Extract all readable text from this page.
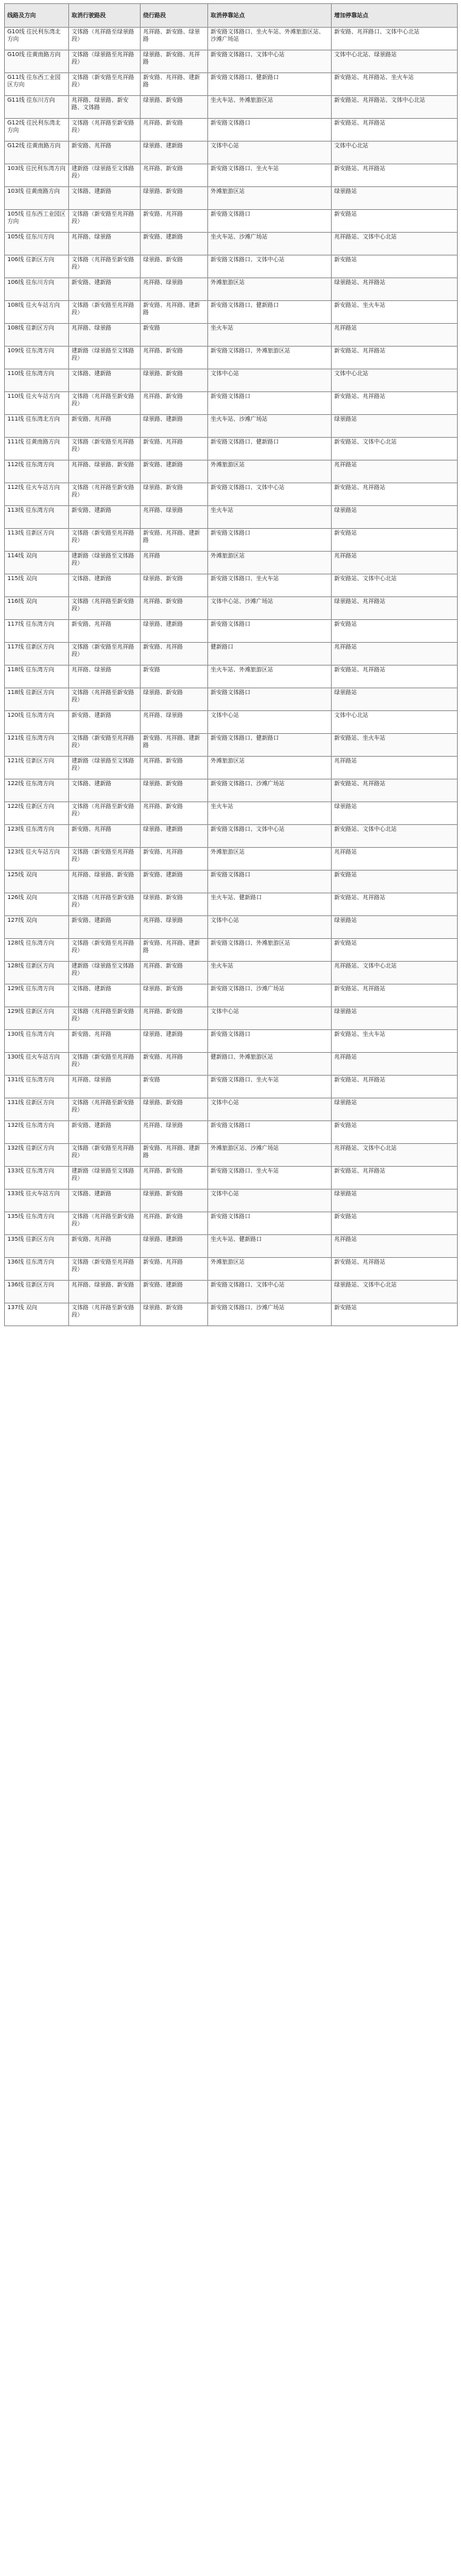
线路及方向	取消行驶路段	绕行路段	取消停靠站点	增加停靠站点
G10线 往民利东湾北方向	文体路（兆祥路至绿景路段）	兆祥路、新安路、绿景路	新安路文体路口、坐火车站、外滩旅游区站、沙滩广场站	新安路、兆祥路口、文体中心北站
G10线 往黄南路方向	文体路（绿景路至兆祥路段）	绿景路、新安路、兆祥路	新安路文体路口、文体中心站	文体中心北站、绿景路站
G11线 往东西工业园区方向	文体路（新安路至兆祥路段）	新安路、兆祥路、建新路	新安路文体路口、健新路口	新安路站、兆祥路站、坐火车站
G11线 往东川方向	兆祥路、绿景路、新安路、文体路	绿景路、新安路	坐火车站、外滩旅游区站	新安路站、兆祥路站、文体中心北站
G12线 往民利东湾北方向	文体路（兆祥路至新安路段）	兆祥路、新安路	新安路文体路口	新安路站、兆祥路站
G12线 往黄南路方向	新安路、兆祥路	绿景路、建新路	文体中心站	文体中心北站
103线 往民利东湾方向	建新路（绿景路至文体路段）	兆祥路、新安路	新安路文体路口、坐火车站	新安路站、兆祥路站
103线 往黄南路方向	文体路、建新路	绿景路、新安路	外滩旅游区站	绿景路站
105线 往东西工业园区方向	文体路（新安路至兆祥路段）	新安路、兆祥路	新安路文体路口	新安路站
105线 往东川方向	兆祥路、绿景路	新安路、建新路	坐火车站、沙滩广场站	兆祥路站、文体中心北站
106线 往新区方向	文体路（兆祥路至新安路段）	绿景路、新安路	新安路文体路口、文体中心站	新安路站
106线 往东川方向	新安路、建新路	兆祥路、绿景路	外滩旅游区站	绿景路站、兆祥路站
108线 往火车站方向	文体路（新安路至兆祥路段）	新安路、兆祥路、建新路	新安路文体路口、健新路口	新安路站、坐火车站
108线 往新区方向	兆祥路、绿景路	新安路	坐火车站	兆祥路站
109线 往东湾方向	建新路（绿景路至文体路段）	兆祥路、新安路	新安路文体路口、外滩旅游区站	新安路站、兆祥路站
110线 往东湾方向	文体路、建新路	绿景路、新安路	文体中心站	文体中心北站
110线 往火车站方向	文体路（兆祥路至新安路段）	兆祥路、新安路	新安路文体路口	新安路站、兆祥路站
111线 往东湾北方向	新安路、兆祥路	绿景路、建新路	坐火车站、沙滩广场站	绿景路站
111线 往黄南路方向	文体路（新安路至兆祥路段）	新安路、兆祥路	新安路文体路口、健新路口	新安路站、文体中心北站
112线 往东湾方向	兆祥路、绿景路、新安路	新安路、建新路	外滩旅游区站	兆祥路站
112线 往火车站方向	文体路（兆祥路至新安路段）	绿景路、新安路	新安路文体路口、文体中心站	新安路站、兆祥路站
113线 往东湾方向	新安路、建新路	兆祥路、绿景路	坐火车站	绿景路站
113线 往新区方向	文体路（新安路至兆祥路段）	新安路、兆祥路、建新路	新安路文体路口	新安路站
114线 双向	建新路（绿景路至文体路段）	兆祥路	外滩旅游区站	兆祥路站
115线 双向	文体路、建新路	绿景路、新安路	新安路文体路口、坐火车站	新安路站、文体中心北站
116线 双向	文体路（兆祥路至新安路段）	兆祥路、新安路	文体中心站、沙滩广场站	绿景路站、兆祥路站
117线 往东湾方向	新安路、兆祥路	绿景路、建新路	新安路文体路口	新安路站
117线 往新区方向	文体路（新安路至兆祥路段）	新安路、兆祥路	健新路口	兆祥路站
118线 往东湾方向	兆祥路、绿景路	新安路	坐火车站、外滩旅游区站	新安路站、兆祥路站
118线 往新区方向	文体路（兆祥路至新安路段）	绿景路、新安路	新安路文体路口	绿景路站
120线 往东湾方向	新安路、建新路	兆祥路、绿景路	文体中心站	文体中心北站
121线 往东湾方向	文体路（新安路至兆祥路段）	新安路、兆祥路、建新路	新安路文体路口、健新路口	新安路站、坐火车站
121线 往新区方向	建新路（绿景路至文体路段）	兆祥路、新安路	外滩旅游区站	兆祥路站
122线 往东湾方向	文体路、建新路	绿景路、新安路	新安路文体路口、沙滩广场站	新安路站、兆祥路站
122线 往新区方向	文体路（兆祥路至新安路段）	兆祥路、新安路	坐火车站	绿景路站
123线 往东湾方向	新安路、兆祥路	绿景路、建新路	新安路文体路口、文体中心站	新安路站、文体中心北站
123线 往火车站方向	文体路（新安路至兆祥路段）	新安路、兆祥路	外滩旅游区站	兆祥路站
125线 双向	兆祥路、绿景路、新安路	新安路、建新路	新安路文体路口	新安路站
126线 双向	文体路（兆祥路至新安路段）	绿景路、新安路	坐火车站、健新路口	新安路站、兆祥路站
127线 双向	新安路、建新路	兆祥路、绿景路	文体中心站	绿景路站
128线 往东湾方向	文体路（新安路至兆祥路段）	新安路、兆祥路、建新路	新安路文体路口、外滩旅游区站	新安路站
128线 往新区方向	建新路（绿景路至文体路段）	兆祥路、新安路	坐火车站	兆祥路站、文体中心北站
129线 往东湾方向	文体路、建新路	绿景路、新安路	新安路文体路口、沙滩广场站	新安路站、兆祥路站
129线 往新区方向	文体路（兆祥路至新安路段）	兆祥路、新安路	文体中心站	绿景路站
130线 往东湾方向	新安路、兆祥路	绿景路、建新路	新安路文体路口	新安路站、坐火车站
130线 往火车站方向	文体路（新安路至兆祥路段）	新安路、兆祥路	健新路口、外滩旅游区站	兆祥路站
131线 往东湾方向	兆祥路、绿景路	新安路	新安路文体路口、坐火车站	新安路站、兆祥路站
131线 往新区方向	文体路（兆祥路至新安路段）	绿景路、新安路	文体中心站	绿景路站
132线 往东湾方向	新安路、建新路	兆祥路、绿景路	新安路文体路口	新安路站
132线 往新区方向	文体路（新安路至兆祥路段）	新安路、兆祥路、建新路	外滩旅游区站、沙滩广场站	兆祥路站、文体中心北站
133线 往东湾方向	建新路（绿景路至文体路段）	兆祥路、新安路	新安路文体路口、坐火车站	新安路站、兆祥路站
133线 往火车站方向	文体路、建新路	绿景路、新安路	文体中心站	绿景路站
135线 往东湾方向	文体路（兆祥路至新安路段）	兆祥路、新安路	新安路文体路口	新安路站
135线 往新区方向	新安路、兆祥路	绿景路、建新路	坐火车站、健新路口	兆祥路站
136线 往东湾方向	文体路（新安路至兆祥路段）	新安路、兆祥路	外滩旅游区站	新安路站、兆祥路站
136线 往新区方向	兆祥路、绿景路、新安路	新安路、建新路	新安路文体路口、文体中心站	绿景路站、文体中心北站
137线 双向	文体路（兆祥路至新安路段）	绿景路、新安路	新安路文体路口、沙滩广场站	新安路站
